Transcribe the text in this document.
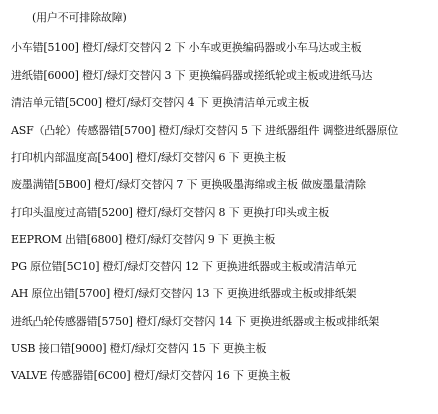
(用户不可排除故障)
小车错[5100] 橙灯/绿灯交替闪 2 下 小车或更换编码器或小车马达或主板
进纸错[6000] 橙灯/绿灯交替闪 3 下 更换编码器或搓纸轮或主板或进纸马达
清洁单元错[5C00] 橙灯/绿灯交替闪 4 下 更换清洁单元或主板
ASF（凸轮）传感器错[5700] 橙灯/绿灯交替闪 5 下 进纸器组件 调整进纸器原位
打印机内部温度高[5400] 橙灯/绿灯交替闪 6 下 更换主板
废墨满错[5B00] 橙灯/绿灯交替闪 7 下 更换吸墨海绵或主板 做废墨量清除
打印头温度过高错[5200] 橙灯/绿灯交替闪 8 下 更换打印头或主板
EEPROM 出错[6800] 橙灯/绿灯交替闪 9 下 更换主板
PG 原位错[5C10] 橙灯/绿灯交替闪 12 下 更换进纸器或主板或清洁单元
AH 原位出错[5700] 橙灯/绿灯交替闪 13 下 更换进纸器或主板或排纸架
进纸凸轮传感器错[5750] 橙灯/绿灯交替闪 14 下 更换进纸器或主板或排纸架
USB 接口错[9000] 橙灯/绿灯交替闪 15 下 更换主板
VALVE 传感器错[6C00] 橙灯/绿灯交替闪 16 下 更换主板
